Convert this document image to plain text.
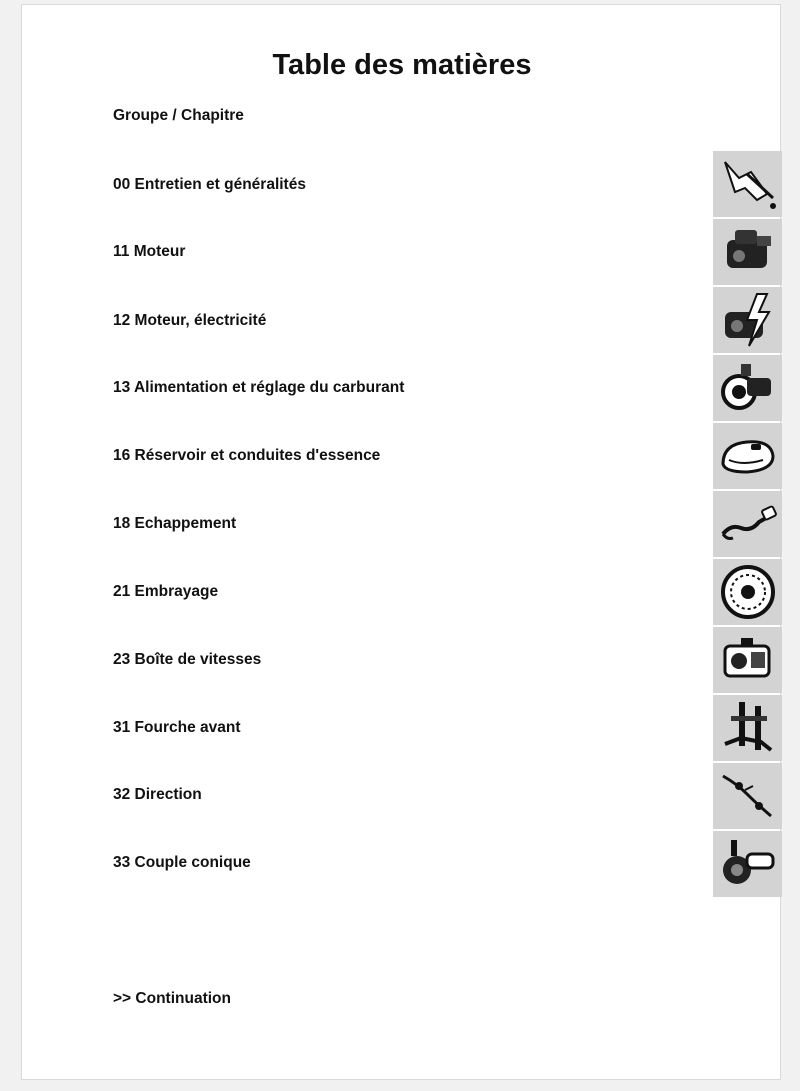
Table des matières
Groupe / Chapitre
00 Entretien et généralités
11 Moteur
12 Moteur, électricité
13 Alimentation et réglage du carburant
16 Réservoir et conduites d'essence
18 Echappement
21 Embrayage
23 Boîte de vitesses
31 Fourche avant
32 Direction
33 Couple conique
>> Continuation
